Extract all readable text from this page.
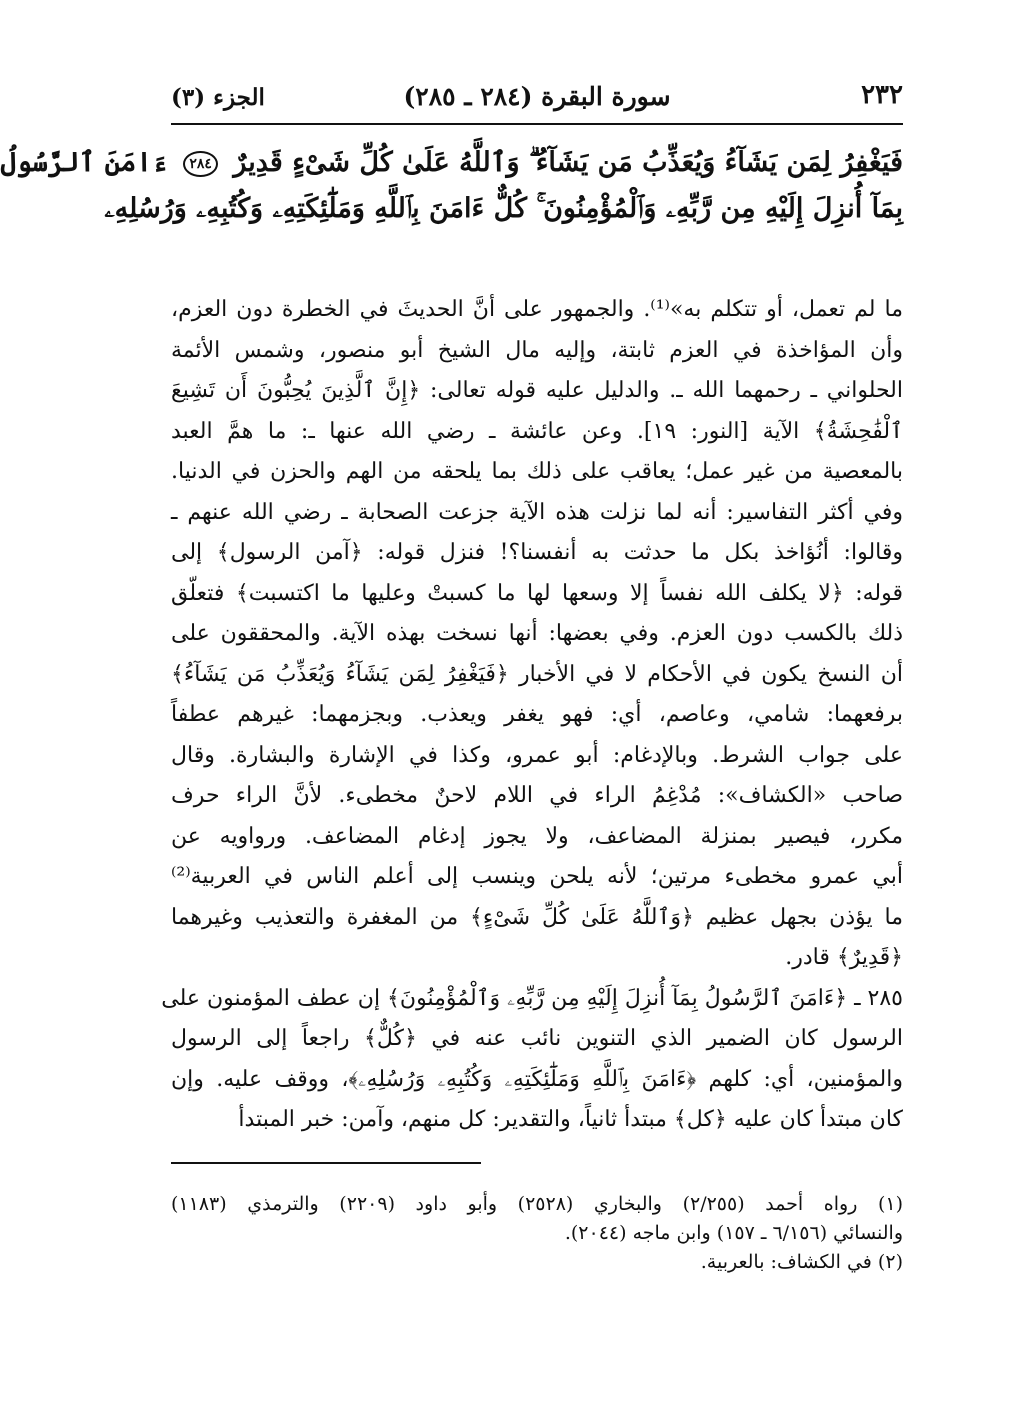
٢٣٢
سورة البقرة (٢٨٤ ـ ٢٨٥)
الجزء (٣)
فَيَغْفِرُ لِمَن يَشَآءُ وَيُعَذِّبُ مَن يَشَآءُ ۗ وَٱللَّهُ عَلَىٰ كُلِّ شَىْءٍ قَدِيرٌ ٢٨٤ ءَامَنَ ٱلرَّسُولُ
بِمَآ أُنزِلَ إِلَيْهِ مِن رَّبِّهِۦ وَٱلْمُؤْمِنُونَ ۚ كُلٌّ ءَامَنَ بِٱللَّهِ وَمَلَٰٓئِكَتِهِۦ وَكُتُبِهِۦ وَرُسُلِهِۦ
ما لم تعمل، أو تتكلم به»⁽¹⁾. والجمهور على أنَّ الحديثَ في الخطرة دون العزم،
وأن المؤاخذة في العزم ثابتة، وإليه مال الشيخ أبو منصور، وشمس الأئمة
الحلواني ـ رحمهما الله ـ. والدليل عليه قوله تعالى: ﴿إِنَّ ٱلَّذِينَ يُحِبُّونَ أَن تَشِيعَ
ٱلْفَٰحِشَةُ﴾ الآية [النور: ١٩]. وعن عائشة ـ رضي الله عنها ـ: ما همَّ العبد
بالمعصية من غير عمل؛ يعاقب على ذلك بما يلحقه من الهم والحزن في الدنيا.
وفي أكثر التفاسير: أنه لما نزلت هذه الآية جزعت الصحابة ـ رضي الله عنهم ـ
وقالوا: أنُؤاخذ بكل ما حدثت به أنفسنا؟! فنزل قوله: ﴿آمن الرسول﴾ إلى
قوله: ﴿لا يكلف الله نفساً إلا وسعها لها ما كسبتْ وعليها ما اكتسبت﴾ فتعلّق
ذلك بالكسب دون العزم. وفي بعضها: أنها نسخت بهذه الآية. والمحققون على
أن النسخ يكون في الأحكام لا في الأخبار ﴿فَيَغْفِرُ لِمَن يَشَآءُ وَيُعَذِّبُ مَن يَشَآءُ﴾
برفعهما: شامي، وعاصم، أي: فهو يغفر ويعذب. وبجزمهما: غيرهم عطفاً
على جواب الشرط. وبالإدغام: أبو عمرو، وكذا في الإشارة والبشارة. وقال
صاحب «الكشاف»: مُدْغِمُ الراء في اللام لاحنٌ مخطىء. لأنَّ الراء حرف
مكرر، فيصير بمنزلة المضاعف، ولا يجوز إدغام المضاعف. ورواويه عن
أبي عمرو مخطىء مرتين؛ لأنه يلحن وينسب إلى أعلم الناس في العربية⁽²⁾
ما يؤذن بجهل عظيم ﴿وَٱللَّهُ عَلَىٰ كُلِّ شَىْءٍ﴾ من المغفرة والتعذيب وغيرهما
﴿قَدِيرٌ﴾ قادر.
٢٨٥ ـ ﴿ءَامَنَ ٱلرَّسُولُ بِمَآ أُنزِلَ إِلَيْهِ مِن رَّبِّهِۦ وَٱلْمُؤْمِنُونَ﴾ إن عطف المؤمنون على
الرسول كان الضمير الذي التنوين نائب عنه في ﴿كُلٌّ﴾ راجعاً إلى الرسول
والمؤمنين، أي: كلهم ﴿ءَامَنَ بِٱللَّهِ وَمَلَٰٓئِكَتِهِۦ وَكُتُبِهِۦ وَرُسُلِهِۦ﴾، ووقف عليه. وإن
كان مبتدأ كان عليه ﴿كل﴾ مبتدأ ثانياً، والتقدير: كل منهم، وآمن: خبر المبتدأ
(١) رواه أحمد (٢/٢٥٥) والبخاري (٢٥٢٨) وأبو داود (٢٢٠٩) والترمذي (١١٨٣)
والنسائي (٦/١٥٦ ـ ١٥٧) وابن ماجه (٢٠٤٤).
(٢) في الكشاف: بالعربية.
